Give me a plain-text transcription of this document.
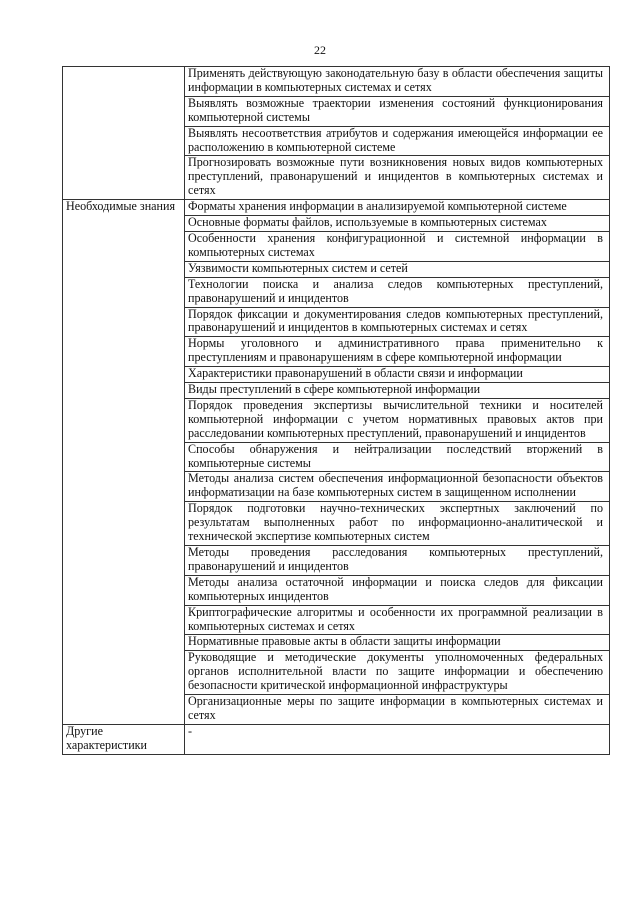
22
	Применять действующую законодательную базу в области обеспечения защиты информации в компьютерных системах и сетях
	Выявлять возможные траектории изменения состояний функционирования компьютерной системы
	Выявлять несоответствия атрибутов и содержания имеющейся информации ее расположению в компьютерной системе
	Прогнозировать возможные пути возникновения новых видов компьютерных преступлений, правонарушений и инцидентов в компьютерных системах и сетях
Необходимые знания	Форматы хранения информации в анализируемой компьютерной системе
	Основные форматы файлов, используемые в компьютерных системах
	Особенности хранения конфигурационной и системной информации в компьютерных системах
	Уязвимости компьютерных систем и сетей
	Технологии поиска и анализа следов компьютерных преступлений, правонарушений и инцидентов
	Порядок фиксации и документирования следов компьютерных преступлений, правонарушений и инцидентов в компьютерных системах и сетях
	Нормы уголовного и административного права применительно к преступлениям и правонарушениям в сфере компьютерной информации
	Характеристики правонарушений в области связи и информации
	Виды преступлений в сфере компьютерной информации
	Порядок проведения экспертизы вычислительной техники и носителей компьютерной информации с учетом нормативных правовых актов при расследовании компьютерных преступлений, правонарушений и инцидентов
	Способы обнаружения и нейтрализации последствий вторжений в компьютерные системы
	Методы анализа систем обеспечения информационной безопасности объектов информатизации на базе компьютерных систем в защищенном исполнении
	Порядок подготовки научно-технических экспертных заключений по результатам выполненных работ по информационно-аналитической и технической экспертизе компьютерных систем
	Методы проведения расследования компьютерных преступлений, правонарушений и инцидентов
	Методы анализа остаточной информации и поиска следов для фиксации компьютерных инцидентов
	Криптографические алгоритмы и особенности их программной реализации в компьютерных системах и сетях
	Нормативные правовые акты в области защиты информации
	Руководящие и методические документы уполномоченных федеральных органов исполнительной власти по защите информации и обеспечению безопасности критической информационной инфраструктуры
	Организационные меры по защите информации в компьютерных системах и сетях
Другие характеристики	-
